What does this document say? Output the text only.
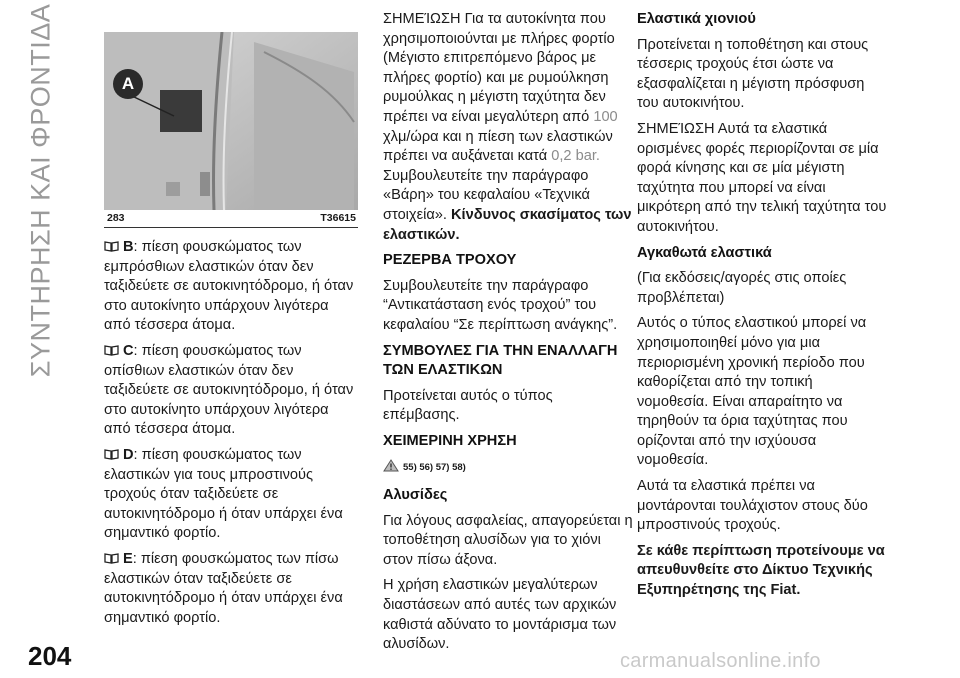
ΣΥΝΤΗΡΗΣΗ ΚΑΙ ΦΡΟΝΤΙΔΑ	A
283	T36615

B: πίεση φουσκώματος των εμπρόσθιων ελαστικών όταν δεν ταξιδεύετε σε αυτοκινητόδρομο, ή όταν στο αυτοκίνητο υπάρχουν λιγότερα από τέσσερα άτομα.

C: πίεση φουσκώματος των οπίσθιων ελαστικών όταν δεν ταξιδεύετε σε αυτοκινητόδρομο, ή όταν στο αυτοκίνητο υπάρχουν λιγότερα από τέσσερα άτομα.

D: πίεση φουσκώματος των ελαστικών για τους μπροστινούς τροχούς όταν ταξιδεύετε σε αυτοκινητόδρομο ή όταν υπάρχει ένα σημαντικό φορτίο.

E: πίεση φουσκώματος των πίσω ελαστικών όταν ταξιδεύετε σε αυτοκινητόδρομο ή όταν υπάρχει ένα σημαντικό φορτίο.

ΣΗΜΕΊΩΣΗ Για τα αυτοκίνητα που χρησιμοποιούνται με πλήρες φορτίο (Μέγιστο επιτρεπόμενο βάρος με πλήρες φορτίο) και με ρυμούλκηση ρυμούλκας η μέγιστη ταχύτητα δεν πρέπει να είναι μεγαλύτερη από 100 χλμ/ώρα και η πίεση των ελαστικών πρέπει να αυξάνεται κατά 0,2 bar. Συμβουλευτείτε την παράγραφο «Βάρη» του κεφαλαίου «Τεχνικά στοιχεία». Κίνδυνος σκασίματος των ελαστικών.

ΡΕΖΕΡΒΑ ΤΡΟΧΟΥ

Συμβουλευτείτε την παράγραφο “Αντικατάσταση ενός τροχού” του κεφαλαίου “Σε περίπτωση ανάγκης”.

ΣΥΜΒΟΥΛΕΣ ΓΙΑ ΤΗΝ ΕΝΑΛΛΑΓΗ ΤΩΝ ΕΛΑΣΤΙΚΩΝ

Προτείνεται αυτός ο τύπος επέμβασης.

ΧΕΙΜΕΡΙΝΗ ΧΡΗΣΗ

55) 56) 57) 58)

Αλυσίδες

Για λόγους ασφαλείας, απαγορεύεται η τοποθέτηση αλυσίδων για το χιόνι στον πίσω άξονα.

Η χρήση ελαστικών μεγαλύτερων διαστάσεων από αυτές των αρχικών καθιστά αδύνατο το μοντάρισμα των αλυσίδων.

Ελαστικά χιονιού

Προτείνεται η τοποθέτηση και στους τέσσερις τροχούς έτσι ώστε να εξασφαλίζεται η μέγιστη πρόσφυση του αυτοκινήτου.

ΣΗΜΕΊΩΣΗ Αυτά τα ελαστικά ορισμένες φορές περιορίζονται σε μία φορά κίνησης και σε μία μέγιστη ταχύτητα που μπορεί να είναι μικρότερη από την τελική ταχύτητα του αυτοκινήτου.

Αγκαθωτά ελαστικά

(Για εκδόσεις/αγορές στις οποίες προβλέπεται)

Αυτός ο τύπος ελαστικού μπορεί να χρησιμοποιηθεί μόνο για μια περιορισμένη χρονική περίοδο που καθορίζεται από την τοπική νομοθεσία. Είναι απαραίτητο να τηρηθούν τα όρια ταχύτητας που ορίζονται από την ισχύουσα νομοθεσία.

Αυτά τα ελαστικά πρέπει να μοντάρονται τουλάχιστον στους δύο μπροστινούς τροχούς.

Σε κάθε περίπτωση προτείνουμε να απευθυνθείτε στο Δίκτυο Τεχνικής Εξυπηρέτησης της Fiat.

204	carmanualsonline.info
